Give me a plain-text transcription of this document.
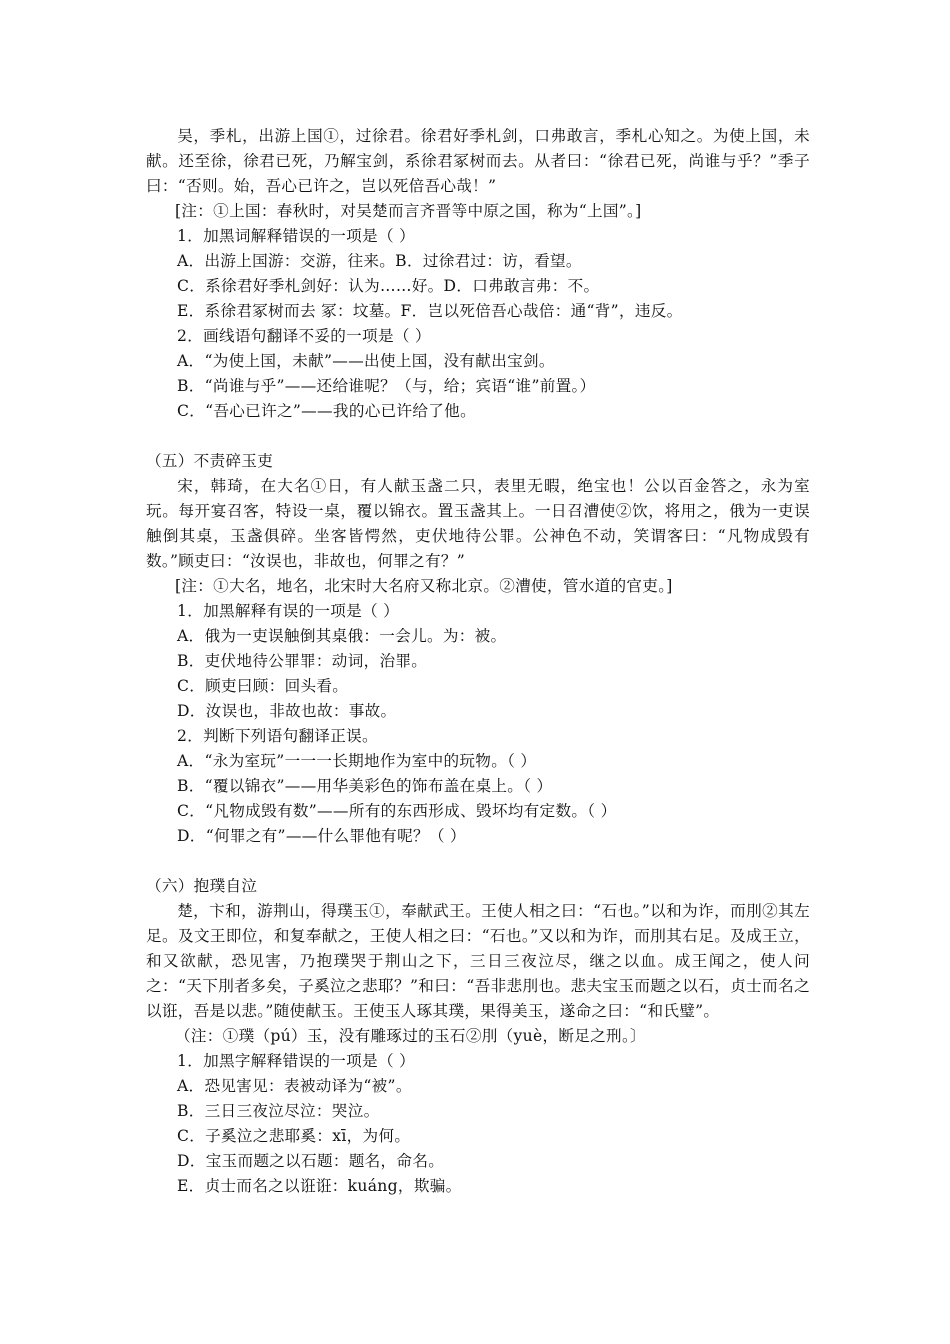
吴，季札，出游上国①，过徐君。徐君好季札剑，口弗敢言，季札心知之。为使上国，未献。还至徐，徐君已死，乃解宝剑，系徐君冢树而去。从者曰：“徐君已死，尚谁与乎？”季子曰：“否则。始，吾心已许之，岂以死倍吾心哉！”

[注：①上国：春秋时，对吴楚而言齐晋等中原之国，称为“上国”。]

1．加黑词解释错误的一项是（ ）

A．出游上国游：交游，往来。B．过徐君过：访，看望。

C．系徐君好季札剑好：认为……好。D．口弗敢言弗：不。

E．系徐君冢树而去 冢：坟墓。F．岂以死倍吾心哉倍：通“背”，违反。

2．画线语句翻译不妥的一项是（ ）

A．“为使上国，未献”——出使上国，没有献出宝剑。

B．“尚谁与乎”——还给谁呢？（与，给；宾语“谁”前置。）

C．“吾心已许之”——我的心已许给了他。

（五）不责碎玉吏

宋，韩琦，在大名①日，有人献玉盏二只，表里无暇，绝宝也！公以百金答之，永为室玩。每开宴召客，特设一桌，覆以锦衣。置玉盏其上。一日召漕使②饮，将用之，俄为一吏误触倒其桌，玉盏俱碎。坐客皆愕然，吏伏地待公罪。公神色不动，笑谓客曰：“凡物成毁有数。”顾吏曰：“汝误也，非故也，何罪之有？”

[注：①大名，地名，北宋时大名府又称北京。②漕使，管水道的官吏。]

1．加黑解释有误的一项是（ ）

A．俄为一吏误触倒其桌俄：一会儿。为：被。

B．吏伏地待公罪罪：动词，治罪。

C．顾吏曰顾：回头看。

D．汝误也，非故也故：事故。

2．判断下列语句翻译正误。

A．“永为室玩”一一一长期地作为室中的玩物。（ ）

B．“覆以锦衣”——用华美彩色的饰布盖在桌上。（ ）

C．“凡物成毁有数”——所有的东西形成、毁坏均有定数。（ ）

D．“何罪之有”——什么罪他有呢？（ ）

（六）抱璞自泣

楚，卞和，游荆山，得璞玉①，奉献武王。王使人相之曰：“石也。”以和为诈，而刖②其左足。及文王即位，和复奉献之，王使人相之曰：“石也。”又以和为诈，而刖其右足。及成王立，和又欲献，恐见害，乃抱璞哭于荆山之下，三日三夜泣尽，继之以血。成王闻之，使人问之：“天下刖者多矣，子奚泣之悲耶？”和曰：“吾非悲刖也。悲夫宝玉而题之以石，贞士而名之以诳，吾是以悲。”随使献玉。王使玉人琢其璞，果得美玉，遂命之曰：“和氏璧”。

（注：①璞（pú）玉，没有雕琢过的玉石②刖（yuè，断足之刑。〕

1．加黑字解释错误的一项是（ ）

A．恐见害见：表被动译为“被”。

B．三日三夜泣尽泣：哭泣。

C．子奚泣之悲耶奚：xī，为何。

D．宝玉而题之以石题：题名，命名。

E．贞士而名之以诳诳：kuáng，欺骗。
